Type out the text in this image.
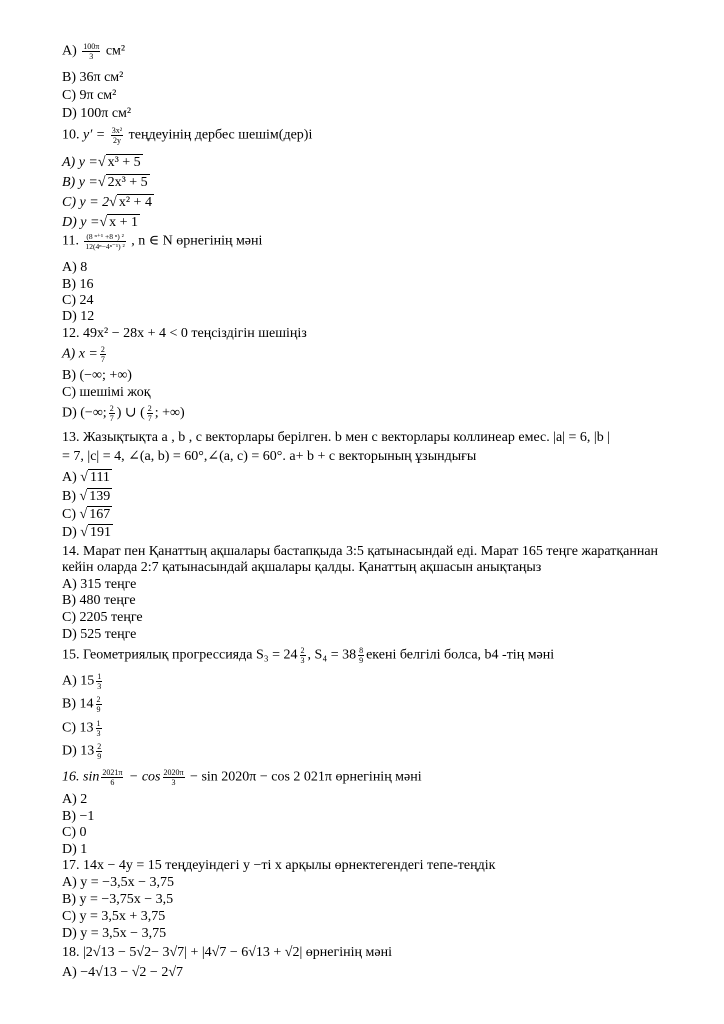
$A) \frac{100\pi}{3} см^2$
B) 36π см²
C) 9π см²
D) 100π см²
10. $y' = \frac{\text{3x²}}{2y}$ теңдеуінің дербес шешім(дер)і
A) y =√ x³ + 5
B) y =√ 2x³ + 5
C) y = 2√ x² + 4
D) y =√ x + 1
11. $\frac{\text{(8 ⁿ⁺¹ +8 ⁿ) ²}}{\text{12(4ⁿ−4ⁿ⁻¹) ²}}$ , n ∈ N өрнегінің мәні
A) 8
B) 16
C) 24
D) 12
12. 49x² − 28x + 4 < 0 теңсіздігін шешіңіз
A) $x = \frac{2}{7}$
B) (−∞; +∞)
C) шешімі жоқ
D) (−∞; $\frac{2}{7}$ ) ∪ ( $\frac{2}{7}$ ; +∞)
13. Жазықтықта a , b , c векторлары берілген. b мен c векторлары коллинеар емес. |a| = 6, |b |
= 7, |c| = 4, ∠(a, b) = 60°,∠(a, c) = 60°. a+ b + c векторының ұзындығы
A) √ 111
B) √ 139
C) √ 167
D) √ 191
14. Марат пен Қанаттың ақшалары бастапқыда 3:5 қатынасындай еді. Марат 165 теңге жаратқаннан
кейін оларда 2:7 қатынасындай ақшалары қалды. Қанаттың ақшасын анықтаңыз
A) 315 теңге
B) 480 теңге
C) 2205 теңге
D) 525 теңге
15. Геометриялық прогрессияда $S_3 = 24 \frac{2}{3}$ , $S_4 = 38 \frac{8}{9}$ екені белгілі болса, b4 -тің мәні
A) $15 \frac{1}{3}$
B) $14 \frac{2}{9}$
C) $13 \frac{1}{3}$
D) $13 \frac{2}{9}$
16. $\sin \frac{2021\pi}{6} - \cos \frac{2020\pi}{3} - \sin 2020\pi - \cos 2$ 021π өрнегінің мәні
A) 2
B) −1
C) 0
D) 1
17. 14x − 4y = 15 теңдеуіндегі y −ті x арқылы өрнектегендегі тепе-теңдік
A) y = −3,5x − 3,75
B) y = −3,75x − 3,5
C) y = 3,5x + 3,75
D) y = 3,5x − 3,75
18. |2√13 − 5√2− 3√7| + |4√7 − 6√13 + √2| өрнегінің мәні
A) −4√13 − √2 − 2√7
